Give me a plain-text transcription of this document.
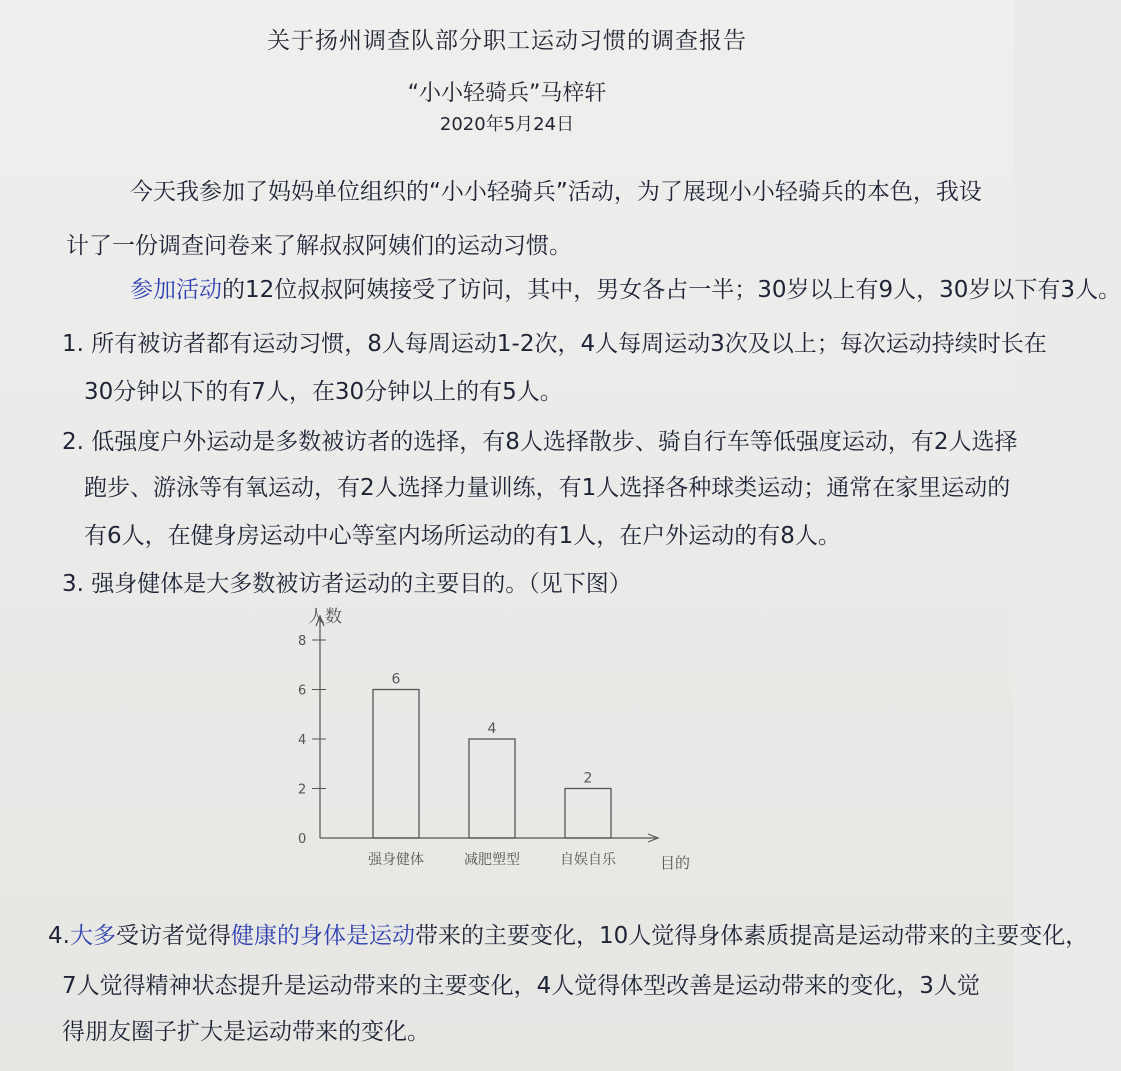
关于扬州调查队部分职工运动习惯的调查报告
“小小轻骑兵”马梓轩
2020年5月24日
今天我参加了妈妈单位组织的“小小轻骑兵”活动，为了展现小小轻骑兵的本色，我设
计了一份调查问卷来了解叔叔阿姨们的运动习惯。
参加活动的12位叔叔阿姨接受了访问，其中，男女各占一半；30岁以上有9人，30岁以下有3人。
1. 所有被访者都有运动习惯，8人每周运动1-2次，4人每周运动3次及以上；每次运动持续时长在
30分钟以下的有7人，在30分钟以上的有5人。
2. 低强度户外运动是多数被访者的选择，有8人选择散步、骑自行车等低强度运动，有2人选择
跑步、游泳等有氧运动，有2人选择力量训练，有1人选择各种球类运动；通常在家里运动的
有6人，在健身房运动中心等室内场所运动的有1人，在户外运动的有8人。
3. 强身健体是大多数被访者运动的主要目的。（见下图）
人数
目的
0
2
4
6
8
6
强身健体
4
减肥塑型
2
自娱自乐
4.大多受访者觉得健康的身体是运动带来的主要变化，10人觉得身体素质提高是运动带来的主要变化，
7人觉得精神状态提升是运动带来的主要变化，4人觉得体型改善是运动带来的变化，3人觉
得朋友圈子扩大是运动带来的变化。
